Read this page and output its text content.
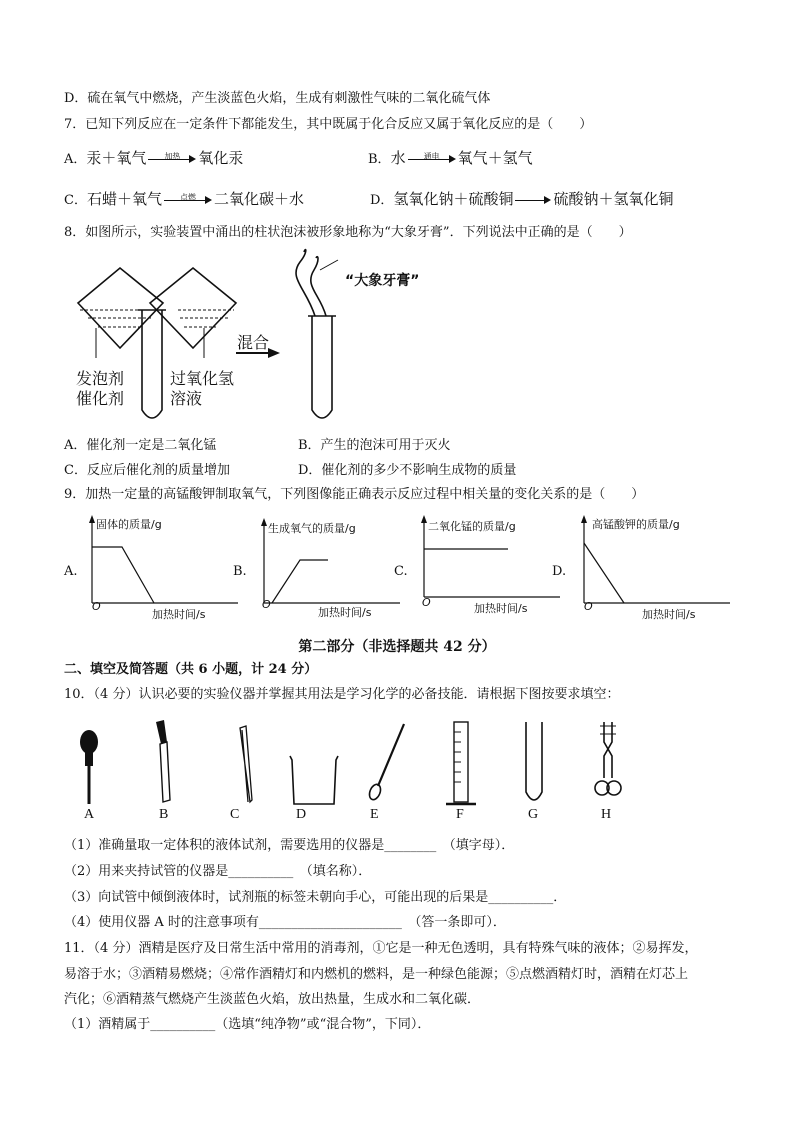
D．硫在氧气中燃烧，产生淡蓝色火焰，生成有刺激性气味的二氧化硫气体
7．已知下列反应在一定条件下都能发生，其中既属于化合反应又属于氧化反应的是（　　）
A．汞＋氧气	加热	氧化汞	B．水	通电	氧气＋氢气
C．石蜡＋氧气	点燃	二氧化碳＋水	D．氢氧化钠＋硫酸铜	硫酸钠＋氢氧化铜
8．如图所示，实验装置中涌出的柱状泡沫被形象地称为“大象牙膏”．下列说法中正确的是（　　）
“大象牙膏”
混合
发泡剂
催化剂
过氧化氢
溶液
A．催化剂一定是二氧化锰	B．产生的泡沫可用于灭火
C．反应后催化剂的质量增加	D．催化剂的多少不影响生成物的质量
9．加热一定量的高锰酸钾制取氧气，下列图像能正确表示反应过程中相关量的变化关系的是（　　）
A.
固体的质量/g
加热时间/s
O
B.
生成氧气的质量/g
加热时间/s
O
C.
二氧化锰的质量/g
加热时间/s
O
D.
高锰酸钾的质量/g
加热时间/s
O
第二部分（非选择题共 42 分）
二、填空及简答题（共 6 小题，计 24 分）
10．（4 分）认识必要的实验仪器并掌握其用法是学习化学的必备技能．请根据下图按要求填空：
A	B	C	D	E	F	G	H
（1）准确量取一定体积的液体试剂，需要选用的仪器是________　（填字母）．
（2）用来夹持试管的仪器是__________　（填名称）．
（3）向试管中倾倒液体时，试剂瓶的标签未朝向手心，可能出现的后果是__________．
（4）使用仪器 A 时的注意事项有______________________　（答一条即可）．
11．（4 分）酒精是医疗及日常生活中常用的消毒剂，①它是一种无色透明，具有特殊气味的液体；②易挥发，
易溶于水；③酒精易燃烧；④常作酒精灯和内燃机的燃料，是一种绿色能源；⑤点燃酒精灯时，酒精在灯芯上
汽化；⑥酒精蒸气燃烧产生淡蓝色火焰，放出热量，生成水和二氧化碳．
（1）酒精属于__________（选填“纯净物”或“混合物”，下同）．
